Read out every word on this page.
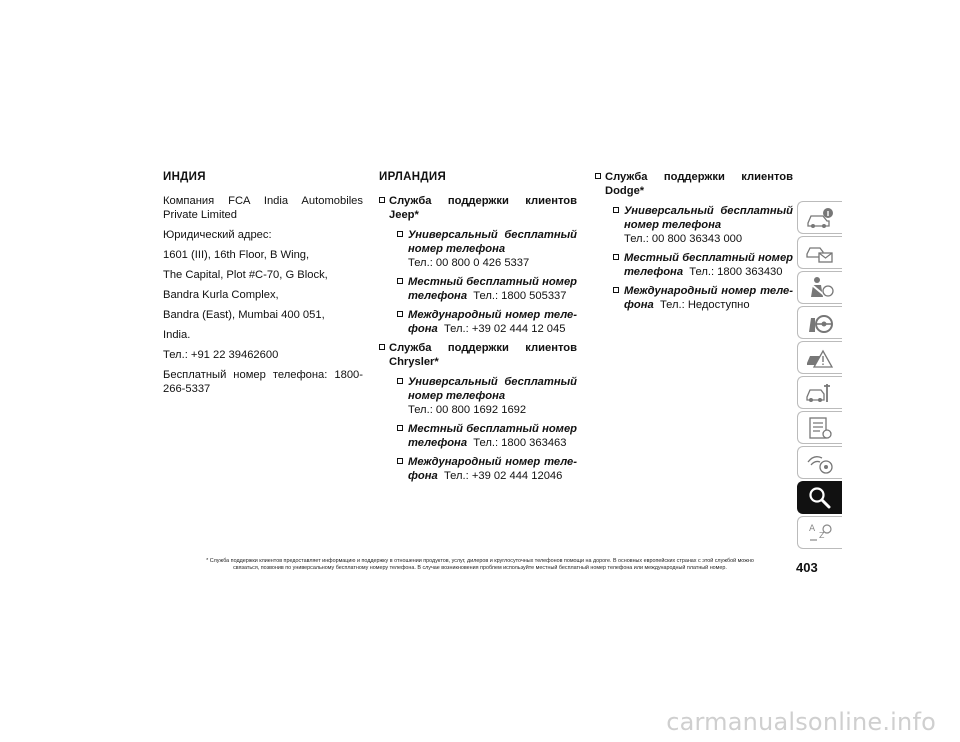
ИНДИЯ
Компания FCA India Automobiles Private Limited
Юридический адрес:
1601 (III), 16th Floor, B Wing,
The Capital, Plot #C-70, G Block,
Bandra Kurla Complex,
Bandra (East), Mumbai 400 051,
India.
Тел.: +91 22 39462600
Бесплатный номер телефона: 1800-266-5337
ИРЛАНДИЯ
Служба поддержки клиентов Jeep*
Универсальный бесплатный номер телефона
Тел.: 00 800 0 426 5337
Местный бесплатный номер телефона Тел.: 1800 505337
Международный номер теле-фона Тел.: +39 02 444 12 045
Служба поддержки клиентов Chrysler*
Универсальный бесплатный номер телефона
Тел.: 00 800 1692 1692
Местный бесплатный номер телефона Тел.: 1800 363463
Международный номер теле-фона Тел.: +39 02 444 12046
Служба поддержки клиентов Dodge*
Универсальный бесплатный номер телефона
Тел.: 00 800 36343 000
Местный бесплатный номер телефона Тел.: 1800 363430
Международный номер теле-фона Тел.: Недоступно
A
Z
* Служба поддержки клиентов предоставляет информацию и поддержку в отношении продуктов, услуг, дилеров и круглосуточных телефонов помощи на дороге. В основных европейских странах с этой службой можно
связаться, позвонив по универсальному бесплатному номеру телефона. В случае возникновения проблем используйте местный бесплатный номер телефона или международный платный номер.	403
carmanualsonline.info
